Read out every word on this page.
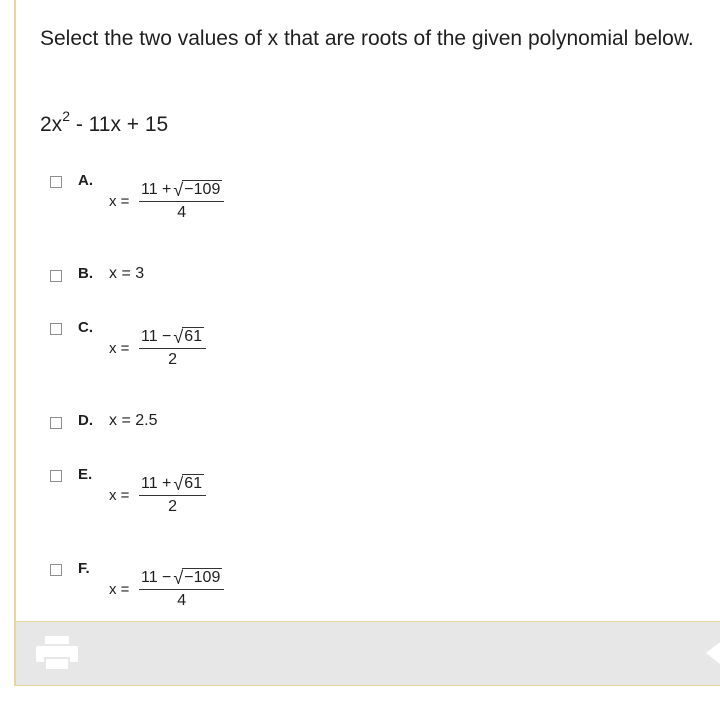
Select the two values of x that are roots of the given polynomial below.
$2x^2 - 11x + 15$
A.
$x = \frac{11 + √ -109}{4}$
B. x = 3
C.
$x = \frac{11 - √ 61}{2}$
D. x = 2.5
E.
$x = \frac{11 + √ 61}{2}$
F.
$x = \frac{11 - √ -109}{4}$
